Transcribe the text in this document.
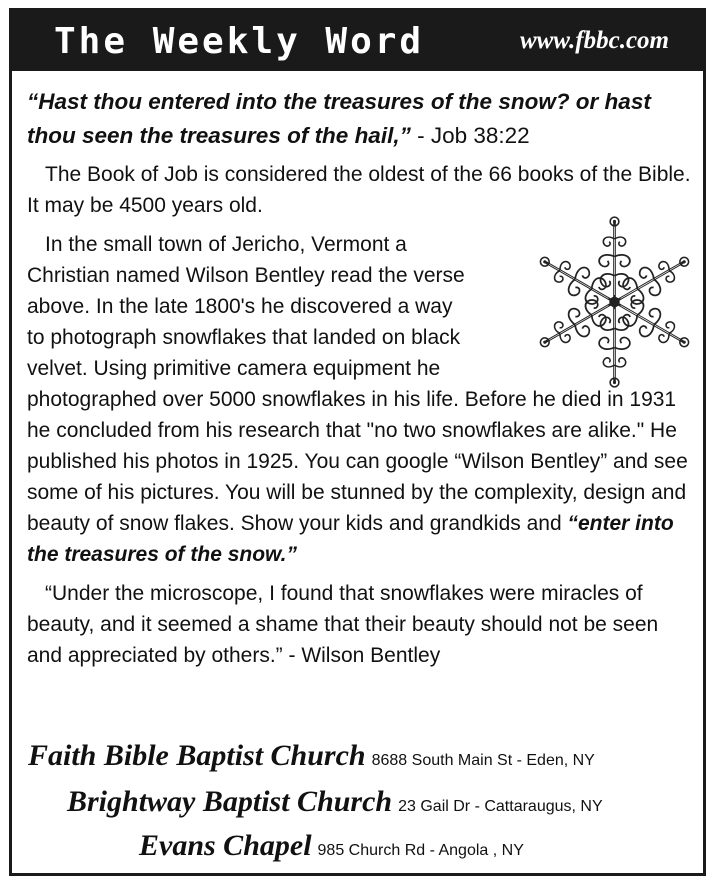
The Weekly Word	www.fbbc.com
“Hast thou entered into the treasures of the snow? or hast thou seen the treasures of the hail,” - Job 38:22

The Book of Job is considered the oldest of the 66 books of the Bible. It may be 4500 years old.

In the small town of Jericho, Vermont a
Christian named Wilson Bentley read the verse
above. In the late 1800's he discovered a way
to photograph snowflakes that landed on black
velvet. Using primitive camera equipment he
photographed over 5000 snowflakes in his life. Before he died in 1931 he concluded from his research that "no two snowflakes are alike." He published his photos in 1925. You can google “Wilson Bentley” and see some of his pictures. You will be stunned by the complexity, design and beauty of snow flakes. Show your kids and grandkids and “enter into the treasures of the snow.”

“Under the microscope, I found that snowflakes were miracles of beauty, and it seemed a shame that their beauty should not be seen and appreciated by others.” - Wilson Bentley

Faith Bible Baptist Church 8688 South Main St - Eden, NY
Brightway Baptist Church 23 Gail Dr - Cattaraugus, NY
Evans Chapel 985 Church Rd - Angola , NY
